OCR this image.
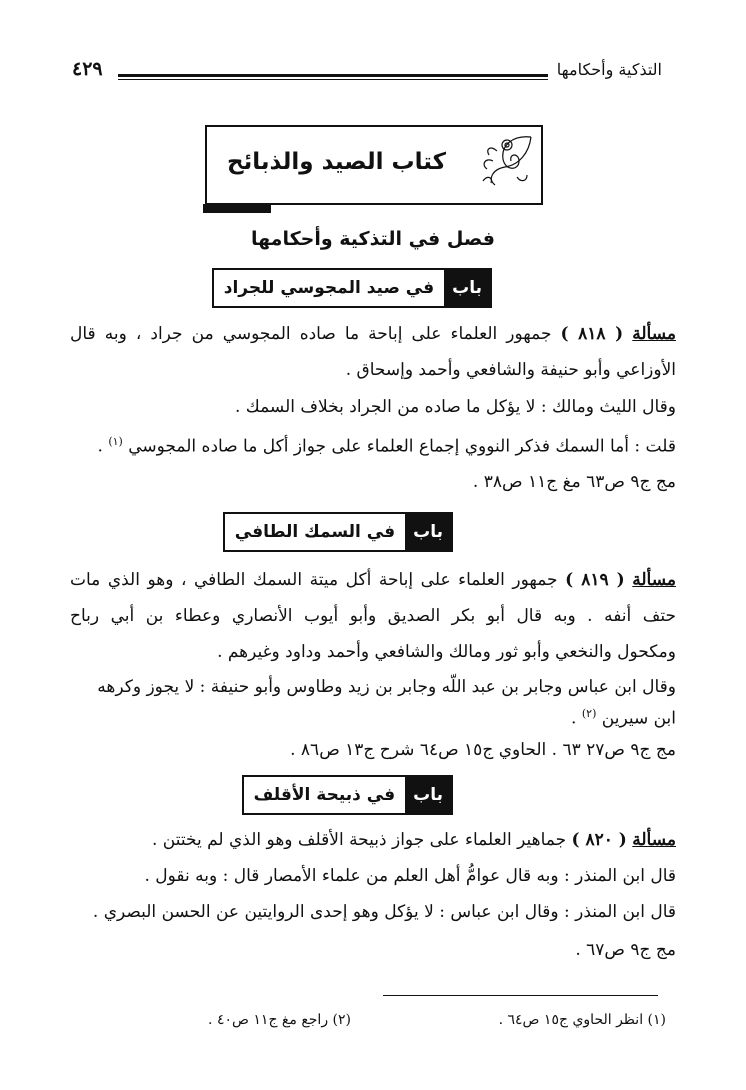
التذكية وأحكامها
٤٢٩
كتاب الصيد والذبائح
فصل في التذكية وأحكامها
باب
في صيد المجوسي للجراد
مسألة ( ٨١٨ ) جمهور العلماء على إباحة ما صاده المجوسي من جراد ، وبه قال
الأوزاعي وأبو حنيفة والشافعي وأحمد وإسحاق .
وقال الليث ومالك : لا يؤكل ما صاده من الجراد بخلاف السمك .
قلت : أما السمك فذكر النووي إجماع العلماء على جواز أكل ما صاده المجوسي $^{(١)}$ .
مج ج٩ ص٦٣ مغ ج١١ ص٣٨ .
باب
في السمك الطافي
مسألة ( ٨١٩ ) جمهور العلماء على إباحة أكل ميتة السمك الطافي ، وهو الذي مات
حتف أنفه . وبه قال أبو بكر الصديق وأبو أيوب الأنصاري وعطاء بن أبي رباح
ومكحول والنخعي وأبو ثور ومالك والشافعي وأحمد وداود وغيرهم .
وقال ابن عباس وجابر بن عبد اللّه وجابر بن زيد وطاوس وأبو حنيفة : لا يجوز وكرهه
ابن سيرين $^{(٢)}$ .
مج ج٩ ص٢٧ ٦٣ . الحاوي ج١٥ ص٦٤ شرح ج١٣ ص٨٦ .
باب
في ذبيحة الأقلف
مسألة ( ٨٢٠ ) جماهير العلماء على جواز ذبيحة الأقلف وهو الذي لم يختتن .
قال ابن المنذر : وبه قال عوامُّ أهل العلم من علماء الأمصار قال : وبه نقول .
قال ابن المنذر : وقال ابن عباس : لا يؤكل وهو إحدى الروايتين عن الحسن البصري .
مج ج٩ ص٦٧ .
(١) انظر الحاوي ج١٥ ص٦٤ .
(٢) راجع مغ ج١١ ص٤٠ .
